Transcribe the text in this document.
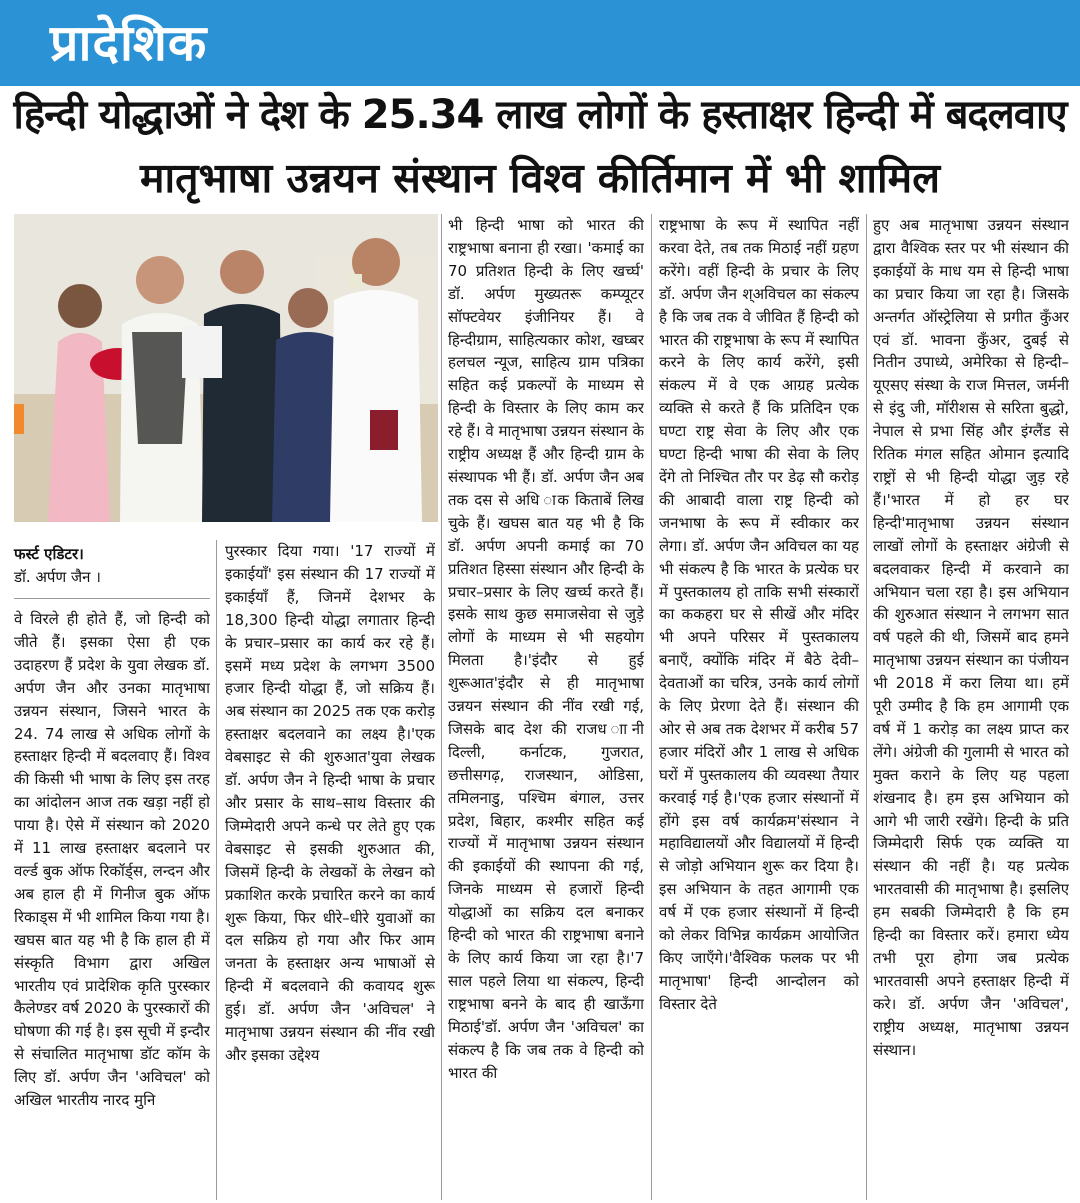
प्रादेशिक
हिन्दी योद्धाओं ने देश के 25.34 लाख लोगों के हस्ताक्षर हिन्दी में बदलवाए
मातृभाषा उन्नयन संस्थान विश्व कीर्तिमान में भी शामिल
फर्स्ट एडिटर।
डॉ. अर्पण जैन ।

वे विरले ही होते हैं, जो हिन्दी को जीते हैं। इसका ऐसा ही एक उदाहरण हैं प्रदेश के युवा लेखक डॉ. अर्पण जैन और उनका मातृभाषा उन्नयन संस्थान, जिसने भारत के 24. 74 लाख से अधिक लोगों के हस्ताक्षर हिन्दी में बदलवाए हैं। विश्व की किसी भी भाषा के लिए इस तरह का आंदोलन आज तक खड़ा नहीं हो पाया है। ऐसे में संस्थान को 2020 में 11 लाख हस्ताक्षर बदलाने पर वर्ल्ड बुक ऑफ रिकॉर्ड्स, लन्दन और अब हाल ही में गिनीज बुक ऑफ रिकाड्स में भी शामिल किया गया है। खघस बात यह भी है कि हाल ही में संस्कृति विभाग द्वारा अखिल भारतीय एवं प्रादेशिक कृति पुरस्कार कैलेण्डर वर्ष 2020 के पुरस्कारों की घोषणा की गई है। इस सूची में इन्दौर से संचालित मातृभाषा डॉट कॉम के लिए डॉ. अर्पण जैन 'अविचल' को अखिल भारतीय नारद मुनि

पुरस्कार दिया गया। '17 राज्यों में इकाईयाँ' इस संस्थान की 17 राज्यों में इकाईयाँ हैं, जिनमें देशभर के 18,300 हिन्दी योद्धा लगातार हिन्दी के प्रचार–प्रसार का कार्य कर रहे हैं। इसमें मध्य प्रदेश के लगभग 3500 हजार हिन्दी योद्धा हैं, जो सक्रिय हैं। अब संस्थान का 2025 तक एक करोड़ हस्ताक्षर बदलवाने का लक्ष्य है।'एक वेबसाइट से की शुरुआत'युवा लेखक डॉ. अर्पण जैन ने हिन्दी भाषा के प्रचार और प्रसार के साथ–साथ विस्तार की जिम्मेदारी अपने कन्धे पर लेते हुए एक वेबसाइट से इसकी शुरुआत की, जिसमें हिन्दी के लेखकों के लेखन को प्रकाशित करके प्रचारित करने का कार्य शुरू किया, फिर धीरे–धीरे युवाओं का दल सक्रिय हो गया और फिर आम जनता के हस्ताक्षर अन्य भाषाओं से हिन्दी में बदलवाने की कवायद शुरू हुई। डॉ. अर्पण जैन 'अविचल' ने मातृभाषा उन्नयन संस्थान की नींव रखी और इसका उद्देश्य

भी हिन्दी भाषा को भारत की राष्ट्रभाषा बनाना ही रखा। 'कमाई का 70 प्रतिशत हिन्दी के लिए खर्च्घ' डॉ. अर्पण मुख्यतरू कम्प्यूटर सॉफ्टवेयर इंजीनियर हैं। वे हिन्दीग्राम, साहित्यकार कोश, खघ्बर हलचल न्यूज, साहित्य ग्राम पत्रिका सहित कई प्रकल्पों के माध्यम से हिन्दी के विस्तार के लिए काम कर रहे हैं। वे मातृभाषा उन्नयन संस्थान के राष्ट्रीय अध्यक्ष हैं और हिन्दी ग्राम के संस्थापक भी हैं। डॉ. अर्पण जैन अब तक दस से अधि ाक किताबें लिख चुके हैं। खघस बात यह भी है कि डॉ. अर्पण अपनी कमाई का 70 प्रतिशत हिस्सा संस्थान और हिन्दी के प्रचार–प्रसार के लिए खर्च्घ करते हैं। इसके साथ कुछ समाजसेवा से जुड़े लोगों के माध्यम से भी सहयोग मिलता है।'इंदौर से हुई शुरूआत'इंदौर से ही मातृभाषा उन्नयन संस्थान की नींव रखी गई, जिसके बाद देश की राजध ाानी दिल्ली, कर्नाटक, गुजरात, छत्तीसगढ़, राजस्थान, ओडिसा, तमिलनाडु, पश्चिम बंगाल, उत्तर प्रदेश, बिहार, कश्मीर सहित कई राज्यों में मातृभाषा उन्नयन संस्थान की इकाईयों की स्थापना की गई, जिनके माध्यम से हजारों हिन्दी योद्धाओं का सक्रिय दल बनाकर हिन्दी को भारत की राष्ट्रभाषा बनाने के लिए कार्य किया जा रहा है।'7 साल पहले लिया था संकल्प, हिन्दी राष्ट्रभाषा बनने के बाद ही खाऊँगा मिठाई'डॉ. अर्पण जैन 'अविचल' का संकल्प है कि जब तक वे हिन्दी को भारत की

राष्ट्रभाषा के रूप में स्थापित नहीं करवा देते, तब तक मिठाई नहीं ग्रहण करेंगे। वहीं हिन्दी के प्रचार के लिए डॉ. अर्पण जैन श्अविचल का संकल्प है कि जब तक वे जीवित हैं हिन्दी को भारत की राष्ट्रभाषा के रूप में स्थापित करने के लिए कार्य करेंगे, इसी संकल्प में वे एक आग्रह प्रत्येक व्यक्ति से करते हैं कि प्रतिदिन एक घण्टा राष्ट्र सेवा के लिए और एक घण्टा हिन्दी भाषा की सेवा के लिए देंगे तो निश्चित तौर पर डेढ़ सौ करोड़ की आबादी वाला राष्ट्र हिन्दी को जनभाषा के रूप में स्वीकार कर लेगा। डॉ. अर्पण जैन अविचल का यह भी संकल्प है कि भारत के प्रत्येक घर में पुस्तकालय हो ताकि सभी संस्कारों का ककहरा घर से सीखें और मंदिर भी अपने परिसर में पुस्तकालय बनाएँ, क्योंकि मंदिर में बैठे देवी–देवताओं का चरित्र, उनके कार्य लोगों के लिए प्रेरणा देते हैं। संस्थान की ओर से अब तक देशभर में करीब 57 हजार मंदिरों और 1 लाख से अधिक घरों में पुस्तकालय की व्यवस्था तैयार करवाई गई है।'एक हजार संस्थानों में होंगे इस वर्ष कार्यक्रम'संस्थान ने महाविद्यालयों और विद्यालयों में हिन्दी से जोड़ो अभियान शुरू कर दिया है। इस अभियान के तहत आगामी एक वर्ष में एक हजार संस्थानों में हिन्दी को लेकर विभिन्न कार्यक्रम आयोजित किए जाएँगे।'वैश्विक फलक पर भी मातृभाषा' हिन्दी आन्दोलन को विस्तार देते

हुए अब मातृभाषा उन्नयन संस्थान द्वारा वैश्विक स्तर पर भी संस्थान की इकाईयों के माध यम से हिन्दी भाषा का प्रचार किया जा रहा है। जिसके अन्तर्गत ऑस्ट्रेलिया से प्रगीत कुँअर एवं डॉ. भावना कुँअर, दुबई से नितीन उपाध्ये, अमेरिका से हिन्दी–यूएसए संस्था के राज मित्तल, जर्मनी से इंदु जी, मॉरीशस से सरिता बुद्धो, नेपाल से प्रभा सिंह और इंग्लैंड से रितिक मंगल सहित ओमान इत्यादि राष्ट्रों से भी हिन्दी योद्धा जुड़ रहे हैं।'भारत में हो हर घर हिन्दी'मातृभाषा उन्नयन संस्थान लाखों लोगों के हस्ताक्षर अंग्रेजी से बदलवाकर हिन्दी में करवाने का अभियान चला रहा है। इस अभियान की शुरुआत संस्थान ने लगभग सात वर्ष पहले की थी, जिसमें बाद हमने मातृभाषा उन्नयन संस्थान का पंजीयन भी 2018 में करा लिया था। हमें पूरी उम्मीद है कि हम आगामी एक वर्ष में 1 करोड़ का लक्ष्य प्राप्त कर लेंगे। अंग्रेजी की गुलामी से भारत को मुक्त कराने के लिए यह पहला शंखनाद है। हम इस अभियान को आगे भी जारी रखेंगे। हिन्दी के प्रति जिम्मेदारी सिर्फ एक व्यक्ति या संस्थान की नहीं है। यह प्रत्येक भारतवासी की मातृभाषा है। इसलिए हम सबकी जिम्मेदारी है कि हम हिन्दी का विस्तार करें। हमारा ध्येय तभी पूरा होगा जब प्रत्येक भारतवासी अपने हस्ताक्षर हिन्दी में करे। डॉ. अर्पण जैन 'अविचल', राष्ट्रीय अध्यक्ष, मातृभाषा उन्नयन संस्थान।
